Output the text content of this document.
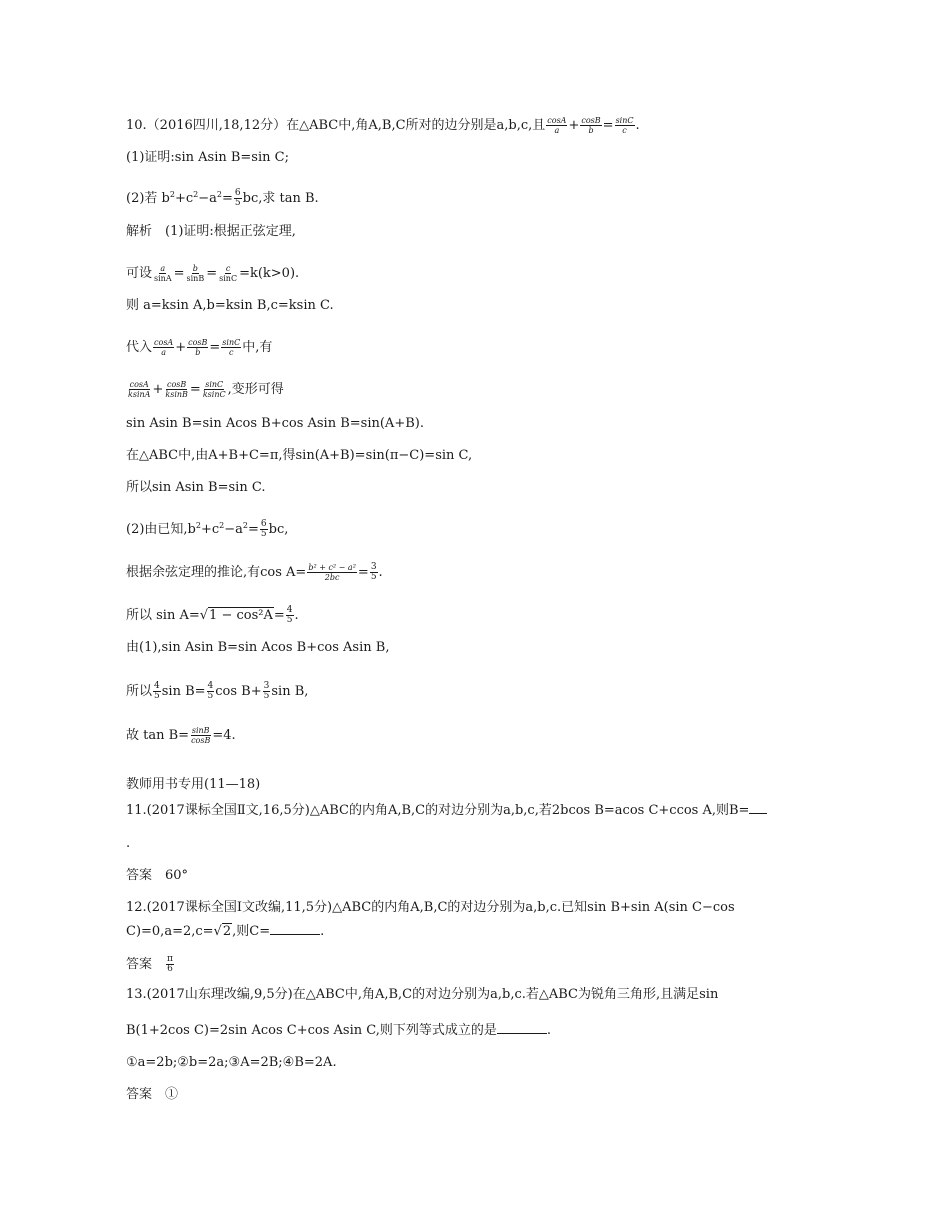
10.（2016四川,18,12分）在△ABC中,角A,B,C所对的边分别是a,b,c,且 $\frac{\cos A}{a} + \frac{\cos B}{b} = \frac{\sin C}{c}$ .
(1)证明:sin Asin B=sin C;
(2)若 $b^2+c^2-a^2= \frac{6}{5}$ bc,求 tan B.
解析　(1)证明:根据正弦定理,
可设 $\frac{a}{\sin A} = \frac{b}{\sin B} = \frac{c}{\sin C} =k(k>0)$.
则 a=ksin A,b=ksin B,c=ksin C.
代入 $\frac{\cos A}{a} + \frac{\cos B}{b} = \frac{\sin C}{c}$ 中,有
$\frac{\cos A}{ksinA} + \frac{\cos B}{ksinB} = \frac{\sin C}{ksinC}$ ,变形可得
sin Asin B=sin Acos B+cos Asin B=sin(A+B).
在△ABC中,由A+B+C=π,得sin(A+B)=sin(π−C)=sin C,
所以sin Asin B=sin C.
(2)由已知$,b^2+c^2-a^2= \frac{6}{5}$ bc,
根据余弦定理的推论,有$\cos A= \frac{\text{b² + c² − a²}}{2bc} = \frac{3}{5}$ .
所以 $\sin A=√1 - \cos^2A= \frac{4}{5}$ .
由(1),sin Asin B=sin Acos B+cos Asin B,
所以 $\frac{4}{5}$ $\sin B= \frac{4}{5}$ $\cos B+ \frac{3}{5}$ sin B,
故 $\tan B= \frac{\sin B}{\cos B} =4$.
教师用书专用(11—18)
11.(2017课标全国Ⅱ文,16,5分)△ABC的内角A,B,C的对边分别为a,b,c,若2bcos B=acos C+ccos A,则B=
.
答案　60°
12.(2017课标全国Ⅰ文改编,11,5分)△ABC的内角A,B,C的对边分别为a,b,c.已知sin B+sin A(sin C−cos
C)=0,a=2,c=√2,则C=	.
答案　 $\frac{\pi}{6}$
13.(2017山东理改编,9,5分)在△ABC中,角A,B,C的对边分别为a,b,c.若△ABC为锐角三角形,且满足sin
B(1+2cos C)=2sin Acos C+cos Asin C,则下列等式成立的是	.
①a=2b;②b=2a;③A=2B;④B=2A.
答案　①
